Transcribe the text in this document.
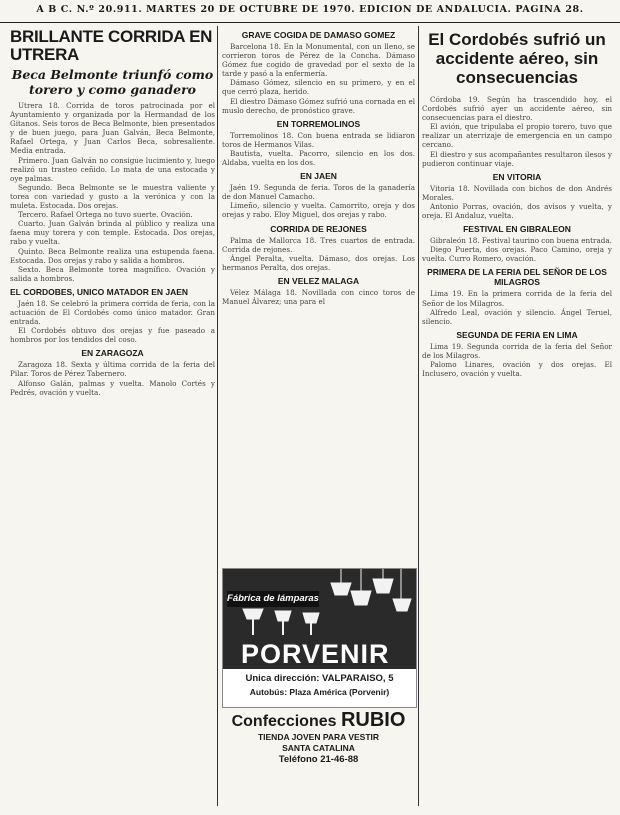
A B C. N.º 20.911. MARTES 20 DE OCTUBRE DE 1970. EDICION DE ANDALUCIA. PAGINA 28.
BRILLANTE CORRIDA EN UTRERA
Beca Belmonte triunfó como torero y como ganadero

Utrera 18. Corrida de toros patrocinada por el Ayuntamiento y organizada por la Hermandad de los Gitanos. Seis toros de Beca Belmonte, bien presentados y de buen juego, para Juan Galván, Beca Belmonte, Rafael Ortega, y Juan Carlos Beca, sobresaliente. Media entrada.

Primero. Juan Galván no consigue lucimiento y, luego realizó un trasteo ceñido. Lo mata de una estocada y oye palmas.

Segundo. Beca Belmonte se le muestra valiente y torea con variedad y gusto a la verónica y con la muleta. Estocada. Dos orejas.

Tercero. Rafael Ortega no tuvo suerte. Ovación.

Cuarto. Juan Galván brinda al público y realiza una faena muy torera y con temple. Estocada. Dos orejas, rabo y vuelta.

Quinto. Beca Belmonte realiza una estupenda faena. Estocada. Dos orejas y rabo y salida a hombros.

Sexto. Beca Belmonte torea magnífico. Ovación y salida a hombros.

EL CORDOBES, UNICO MATADOR EN JAEN

Jaén 18. Se celebró la primera corrida de feria, con la actuación de El Cordobés como único matador. Gran entrada.

El Cordobés obtuvo dos orejas y fue paseado a hombros por los tendidos del coso.

EN ZARAGOZA

Zaragoza 18. Sexta y última corrida de la feria del Pilar. Toros de Pérez Tabernero.

Alfonso Galán, palmas y vuelta. Manolo Cortés y Pedrés, ovación y vuelta.

GRAVE COGIDA DE DAMASO GOMEZ

Barcelona 18. En la Monumental, con un lleno, se corrieron toros de Pérez de la Concha. Dámaso Gómez fue cogido de gravedad por el sexto de la tarde y pasó a la enfermería.

Dámaso Gómez, silencio en su primero, y en el que cerró plaza, herido.

El diestro Dámaso Gómez sufrió una cornada en el muslo derecho, de pronóstico grave.

EN TORREMOLINOS

Torremolinos 18. Con buena entrada se lidiaron toros de Hermanos Vilas.

Bautista, vuelta. Pacorro, silencio en los dos. Aldaba, vuelta en los dos.

EN JAEN

Jaén 19. Segunda de feria. Toros de la ganadería de don Manuel Camacho.

Limeño, silencio y vuelta. Camorrito, oreja y dos orejas y rabo. Eloy Miguel, dos orejas y rabo.

CORRIDA DE REJONES

Palma de Mallorca 18. Tres cuartos de entrada. Corrida de rejones.

Ángel Peralta, vuelta. Dámaso, dos orejas. Los hermanos Peralta, dos orejas.

EN VELEZ MALAGA

Vélez Málaga 18. Novillada con cinco toros de Manuel Álvarez; una para el

Fábrica de lámparas
PORVENIR
Unica dirección: VALPARAISO, 5
Autobús: Plaza América (Porvenir)
Confecciones RUBIO
TIENDA JOVEN PARA VESTIR
SANTA CATALINA
Teléfono 21-46-88
El Cordobés sufrió un accidente aéreo, sin consecuencias

Córdoba 19. Según ha trascendido hoy, el Cordobés sufrió ayer un accidente aéreo, sin consecuencias para el diestro.

El avión, que tripulaba el propio torero, tuvo que realizar un aterrizaje de emergencia en un campo cercano.

El diestro y sus acompañantes resultaron ilesos y pudieron continuar viaje.

EN VITORIA

Vitoria 18. Novillada con bichos de don Andrés Morales.

Antonio Porras, ovación, dos avisos y vuelta, y oreja. El Andaluz, vuelta.

FESTIVAL EN GIBRALEON

Gibraleón 18. Festival taurino con buena entrada.

Diego Puerta, dos orejas. Paco Camino, oreja y vuelta. Curro Romero, ovación.

PRIMERA DE LA FERIA DEL SEÑOR DE LOS MILAGROS

Lima 19. En la primera corrida de la feria del Señor de los Milagros.

Alfredo Leal, ovación y silencio. Ángel Teruel, silencio.

SEGUNDA DE FERIA EN LIMA

Lima 19. Segunda corrida de la feria del Señor de los Milagros.

Palomo Linares, ovación y dos orejas. El Inclusero, ovación y vuelta.
